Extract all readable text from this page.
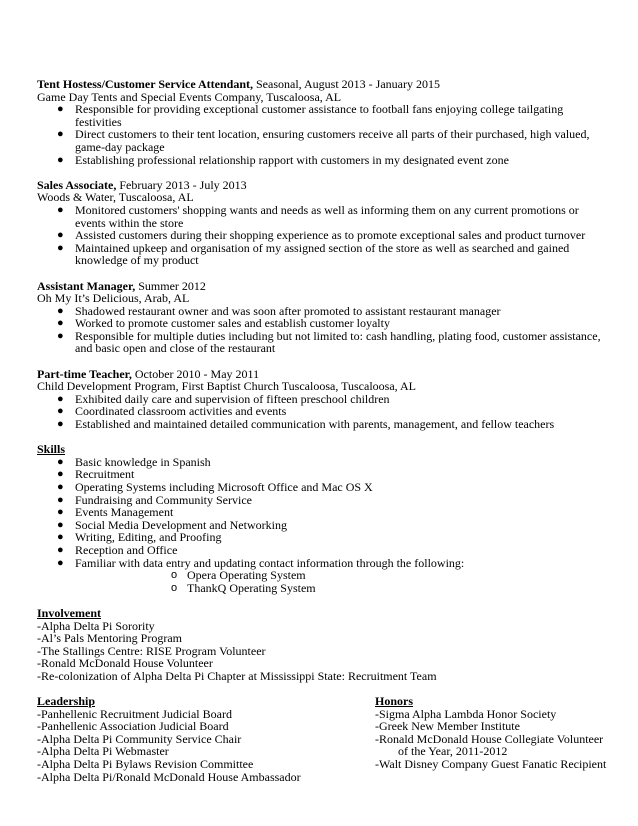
Tent Hostess/Customer Service Attendant, Seasonal, August 2013 - January 2015
Game Day Tents and Special Events Company, Tuscaloosa, AL
● Responsible for providing exceptional customer assistance to football fans enjoying college tailgating festivities
● Direct customers to their tent location, ensuring customers receive all parts of their purchased, high valued, game-day package
● Establishing professional relationship rapport with customers in my designated event zone
Sales Associate, February 2013 - July 2013
Woods & Water, Tuscaloosa, AL
● Monitored customers' shopping wants and needs as well as informing them on any current promotions or events within the store
● Assisted customers during their shopping experience as to promote exceptional sales and product turnover
● Maintained upkeep and organisation of my assigned section of the store as well as searched and gained knowledge of my product
Assistant Manager, Summer 2012
Oh My It’s Delicious, Arab, AL
● Shadowed restaurant owner and was soon after promoted to assistant restaurant manager
● Worked to promote customer sales and establish customer loyalty
● Responsible for multiple duties including but not limited to: cash handling, plating food, customer assistance, and basic open and close of the restaurant
Part-time Teacher, October 2010 - May 2011
Child Development Program, First Baptist Church Tuscaloosa, Tuscaloosa, AL
● Exhibited daily care and supervision of fifteen preschool children
● Coordinated classroom activities and events
● Established and maintained detailed communication with parents, management, and fellow teachers
Skills
● Basic knowledge in Spanish
● Recruitment
● Operating Systems including Microsoft Office and Mac OS X
● Fundraising and Community Service
● Events Management
● Social Media Development and Networking
● Writing, Editing, and Proofing
● Reception and Office
● Familiar with data entry and updating contact information through the following:
o Opera Operating System
o ThankQ Operating System
Involvement
-Alpha Delta Pi Sorority
-Al’s Pals Mentoring Program
-The Stallings Centre: RISE Program Volunteer
-Ronald McDonald House Volunteer
-Re-colonization of Alpha Delta Pi Chapter at Mississippi State: Recruitment Team
Leadership
-Panhellenic Recruitment Judicial Board
-Panhellenic Association Judicial Board
-Alpha Delta Pi Community Service Chair
-Alpha Delta Pi Webmaster
-Alpha Delta Pi Bylaws Revision Committee
-Alpha Delta Pi/Ronald McDonald House Ambassador
Honors
-Sigma Alpha Lambda Honor Society
-Greek New Member Institute
-Ronald McDonald House Collegiate Volunteer of the Year, 2011-2012
-Walt Disney Company Guest Fanatic Recipient
